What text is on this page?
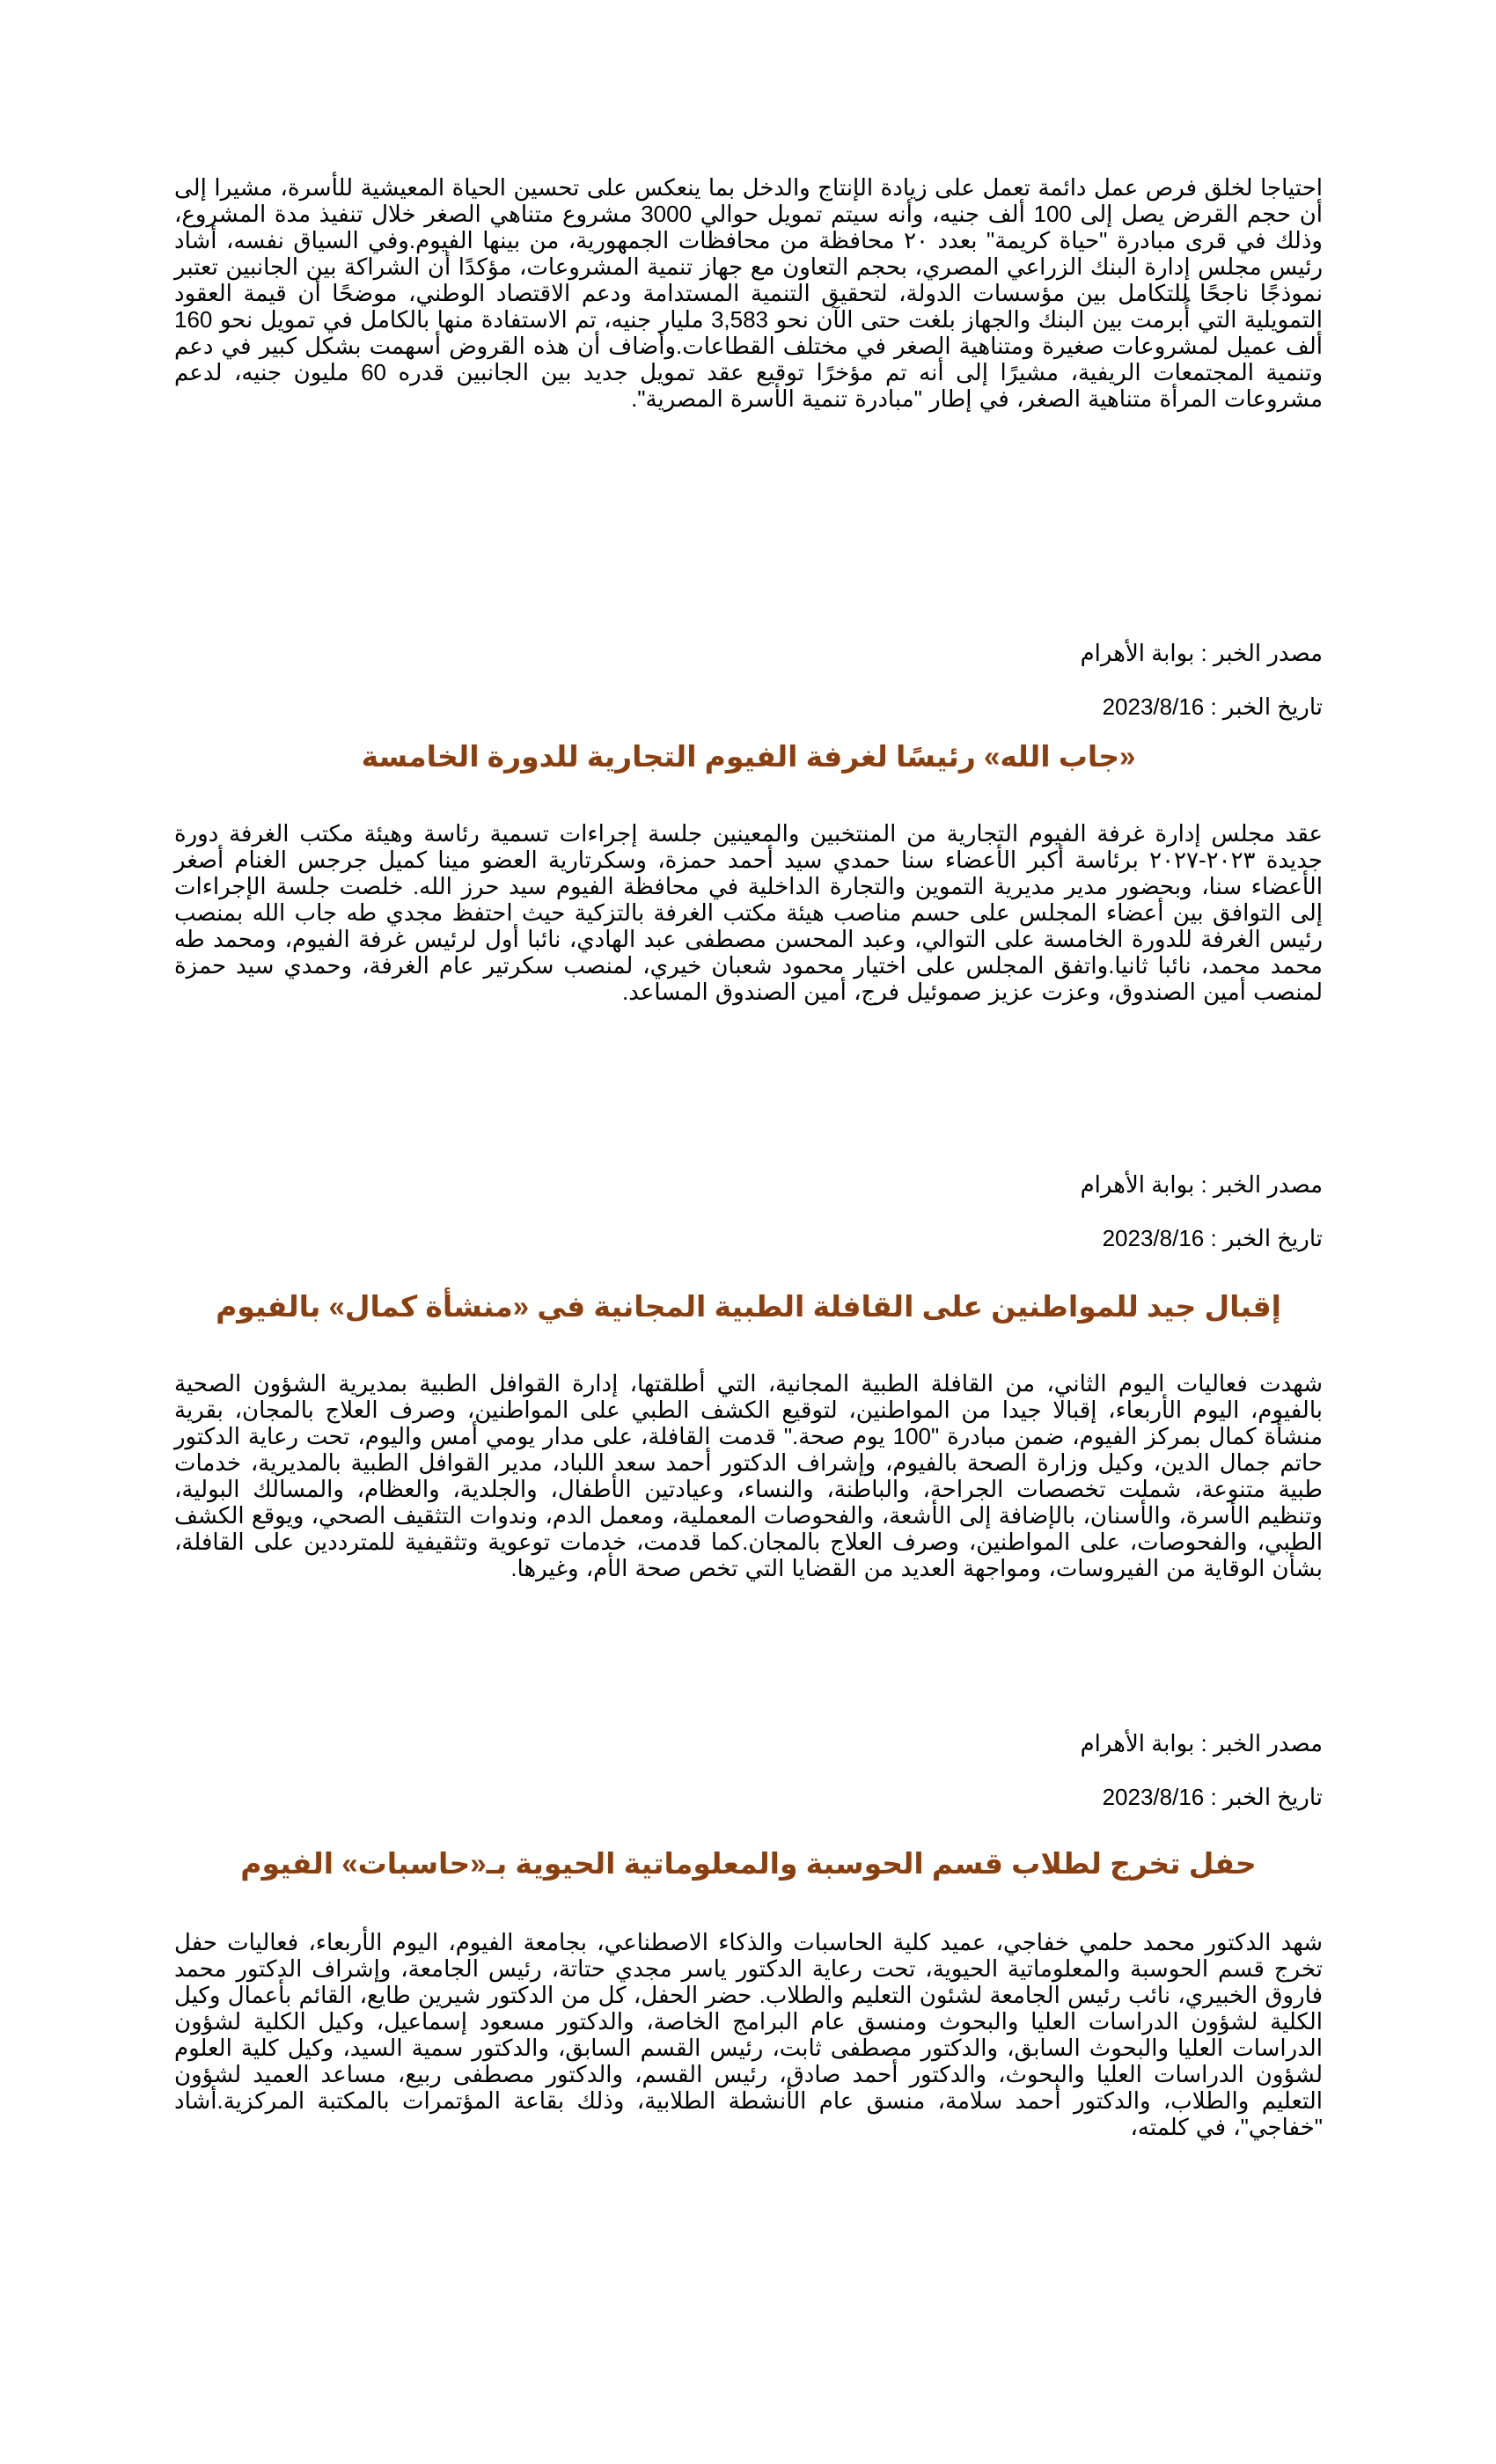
احتياجا لخلق فرص عمل دائمة تعمل على زيادة الإنتاج والدخل بما ينعكس على تحسين الحياة المعيشية للأسرة، مشيرا إلى أن حجم القرض يصل إلى 100 ألف جنيه، وأنه سيتم تمويل حوالي 3000 مشروع متناهي الصغر خلال تنفيذ مدة المشروع، وذلك في قرى مبادرة "حياة كريمة" بعدد ٢٠ محافظة من محافظات الجمهورية، من بينها الفيوم.وفي السياق نفسه، أشاد رئيس مجلس إدارة البنك الزراعي المصري، بحجم التعاون مع جهاز تنمية المشروعات، مؤكدًا أن الشراكة بين الجانبين تعتبر نموذجًا ناجحًا للتكامل بين مؤسسات الدولة، لتحقيق التنمية المستدامة ودعم الاقتصاد الوطني، موضحًا أن قيمة العقود التمويلية التي أُبرمت بين البنك والجهاز بلغت حتى الآن نحو 3,583 مليار جنيه، تم الاستفادة منها بالكامل في تمويل نحو 160 ألف عميل لمشروعات صغيرة ومتناهية الصغر في مختلف القطاعات.وأضاف أن هذه القروض أسهمت بشكل كبير في دعم وتنمية المجتمعات الريفية، مشيرًا إلى أنه تم مؤخرًا توقيع عقد تمويل جديد بين الجانبين قدره 60 مليون جنيه، لدعم مشروعات المرأة متناهية الصغر، في إطار "مبادرة تنمية الأسرة المصرية".

مصدر الخبر : بوابة الأهرام
تاريخ الخبر : 2023/8/16
«جاب الله» رئيسًا لغرفة الفيوم التجارية للدورة الخامسة

عقد مجلس إدارة غرفة الفيوم التجارية من المنتخبين والمعينين جلسة إجراءات تسمية رئاسة وهيئة مكتب الغرفة دورة جديدة ٢٠٢٣-٢٠٢٧ برئاسة أكبر الأعضاء سنا حمدي سيد أحمد حمزة، وسكرتارية العضو مينا كميل جرجس الغنام أصغر الأعضاء سنا، وبحضور مدير مديرية التموين والتجارة الداخلية في محافظة الفيوم سيد حرز الله. خلصت جلسة الإجراءات إلى التوافق بين أعضاء المجلس على حسم مناصب هيئة مكتب الغرفة بالتزكية حيث احتفظ مجدي طه جاب الله بمنصب رئيس الغرفة للدورة الخامسة على التوالي، وعبد المحسن مصطفى عبد الهادي، نائبا أول لرئيس غرفة الفيوم، ومحمد طه محمد محمد، نائبا ثانيا.واتفق المجلس على اختيار محمود شعبان خيري، لمنصب سكرتير عام الغرفة، وحمدي سيد حمزة لمنصب أمين الصندوق، وعزت عزيز صموئيل فرج، أمين الصندوق المساعد.

مصدر الخبر : بوابة الأهرام
تاريخ الخبر : 2023/8/16
إقبال جيد للمواطنين على القافلة الطبية المجانية في «منشأة كمال» بالفيوم

شهدت فعاليات اليوم الثاني، من القافلة الطبية المجانية، التي أطلقتها، إدارة القوافل الطبية بمديرية الشؤون الصحية بالفيوم، اليوم الأربعاء، إقبالا جيدا من المواطنين، لتوقيع الكشف الطبي على المواطنين، وصرف العلاج بالمجان، بقرية منشأة كمال بمركز الفيوم، ضمن مبادرة "100 يوم صحة." قدمت القافلة، على مدار يومي أمس واليوم، تحت رعاية الدكتور حاتم جمال الدين، وكيل وزارة الصحة بالفيوم، وإشراف الدكتور أحمد سعد اللباد، مدير القوافل الطبية بالمديرية، خدمات طبية متنوعة، شملت تخصصات الجراحة، والباطنة، والنساء، وعيادتين الأطفال، والجلدية، والعظام، والمسالك البولية، وتنظيم الأسرة، والأسنان، بالإضافة إلى الأشعة، والفحوصات المعملية، ومعمل الدم، وندوات التثقيف الصحي، ويوقع الكشف الطبي، والفحوصات، على المواطنين، وصرف العلاج بالمجان.كما قدمت، خدمات توعوية وتثقيفية للمترددين على القافلة، بشأن الوقاية من الفيروسات، ومواجهة العديد من القضايا التي تخص صحة الأم، وغيرها.

مصدر الخبر : بوابة الأهرام
تاريخ الخبر : 2023/8/16
حفل تخرج لطلاب قسم الحوسبة والمعلوماتية الحيوية بـ«حاسبات» الفيوم

شهد الدكتور محمد حلمي خفاجي، عميد كلية الحاسبات والذكاء الاصطناعي، بجامعة الفيوم، اليوم الأربعاء، فعاليات حفل تخرج قسم الحوسبة والمعلوماتية الحيوية، تحت رعاية الدكتور ياسر مجدي حتاتة، رئيس الجامعة، وإشراف الدكتور محمد فاروق الخبيري، نائب رئيس الجامعة لشئون التعليم والطلاب. حضر الحفل، كل من الدكتور شيرين طايع، القائم بأعمال وكيل الكلية لشؤون الدراسات العليا والبحوث ومنسق عام البرامج الخاصة، والدكتور مسعود إسماعيل، وكيل الكلية لشؤون الدراسات العليا والبحوث السابق، والدكتور مصطفى ثابت، رئيس القسم السابق، والدكتور سمية السيد، وكيل كلية العلوم لشؤون الدراسات العليا والبحوث، والدكتور أحمد صادق، رئيس القسم، والدكتور مصطفى ربيع، مساعد العميد لشؤون التعليم والطلاب، والدكتور أحمد سلامة، منسق عام الأنشطة الطلابية، وذلك بقاعة المؤتمرات بالمكتبة المركزية.أشاد "خفاجي"، في كلمته،
